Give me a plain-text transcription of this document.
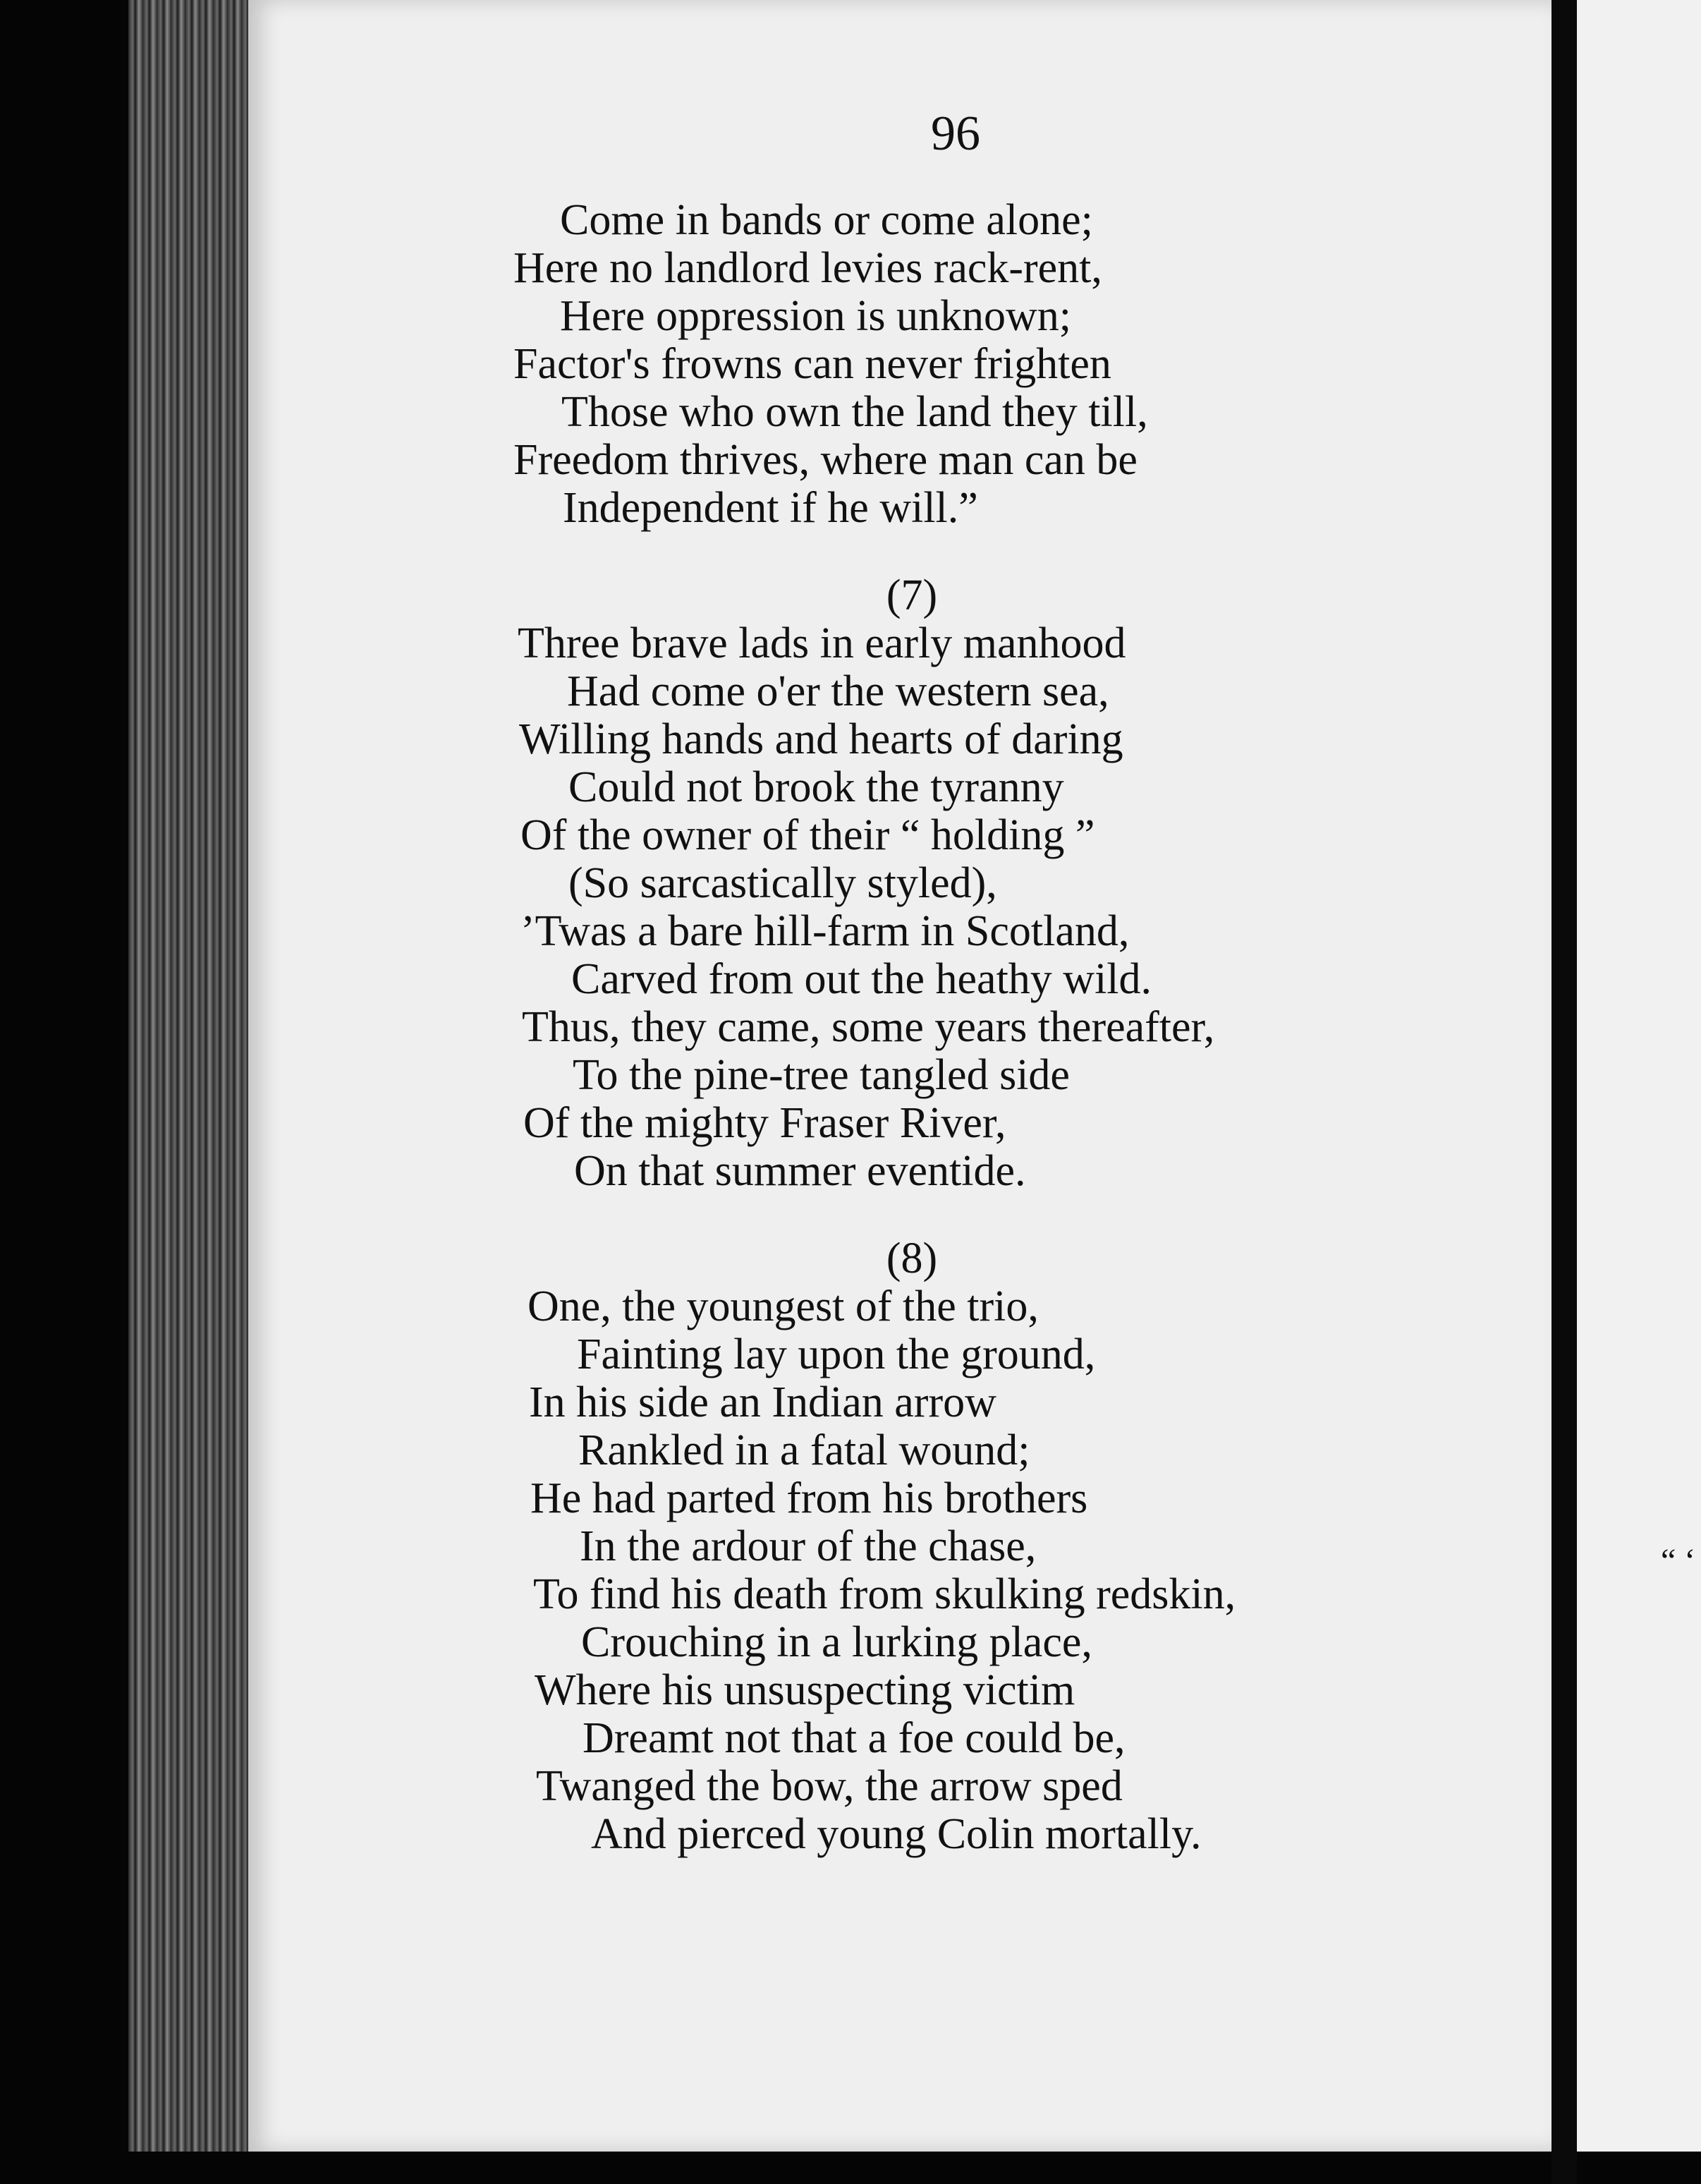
“ ‘
96
Come in bands or come alone;
Here no landlord levies rack-rent,
Here oppression is unknown;
Factor's frowns can never frighten
Those who own the land they till,
Freedom thrives, where man can be
Independent if he will.”
(7)
Three brave lads in early manhood
Had come o'er the western sea,
Willing hands and hearts of daring
Could not brook the tyranny
Of the owner of their “ holding ”
(So sarcastically styled),
’Twas a bare hill-farm in Scotland,
Carved from out the heathy wild.
Thus, they came, some years thereafter,
To the pine-tree tangled side
Of the mighty Fraser River,
On that summer eventide.
(8)
One, the youngest of the trio,
Fainting lay upon the ground,
In his side an Indian arrow
Rankled in a fatal wound;
He had parted from his brothers
In the ardour of the chase,
To find his death from skulking redskin,
Crouching in a lurking place,
Where his unsuspecting victim
Dreamt not that a foe could be,
Twanged the bow, the arrow sped
And pierced young Colin mortally.
